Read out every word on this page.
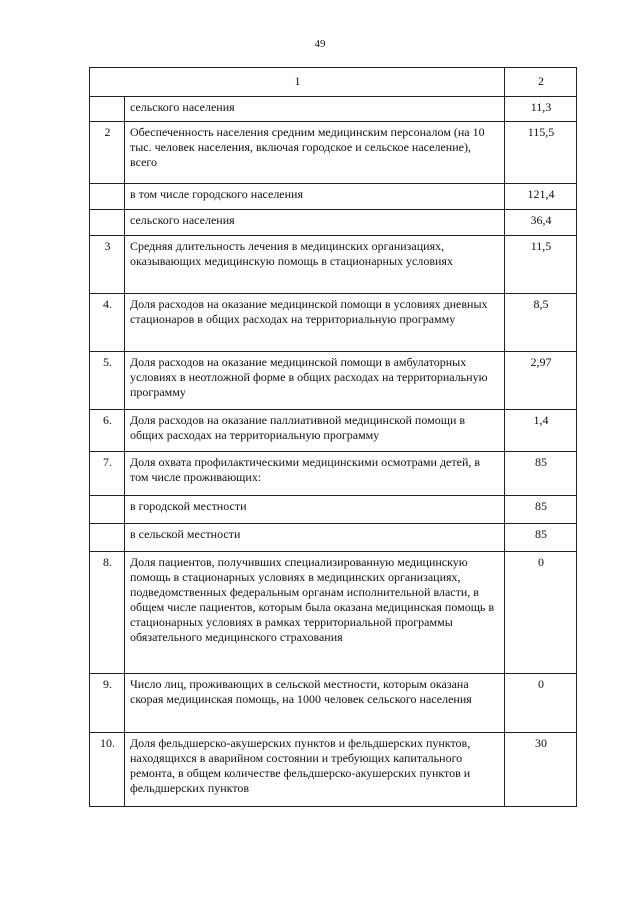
49
1		2
	сельского населения	11,3
2	Обеспеченность населения средним медицинским персоналом (на 10 тыс. человек населения, включая городское и сельское население), всего	115,5
	в том числе городского населения	121,4
	сельского населения	36,4
3	Средняя длительность лечения в медицинских организациях, оказывающих медицинскую помощь в стационарных условиях	11,5
4.	Доля расходов на оказание медицинской помощи в условиях дневных стационаров в общих расходах на территориальную программу	8,5
5.	Доля расходов на оказание медицинской помощи в амбулаторных условиях в неотложной форме в общих расходах на территориальную программу	2,97
6.	Доля расходов на оказание паллиативной медицинской помощи в общих расходах на территориальную программу	1,4
7.	Доля охвата профилактическими медицинскими осмотрами детей, в том числе проживающих:	85
	в городской местности	85
	в сельской местности	85
8.	Доля пациентов, получивших специализированную медицинскую помощь в стационарных условиях в медицинских организациях, подведомственных федеральным органам исполнительной власти, в общем числе пациентов, которым была оказана медицинская помощь в стационарных условиях в рамках территориальной программы обязательного медицинского страхования	0
9.	Число лиц, проживающих в сельской местности, которым оказана скорая медицинская помощь, на 1000 человек сельского населения	0
10.	Доля фельдшерско-акушерских пунктов и фельдшерских пунктов, находящихся в аварийном состоянии и требующих капитального ремонта, в общем количестве фельдшерско-акушерских пунктов и фельдшерских пунктов	30
